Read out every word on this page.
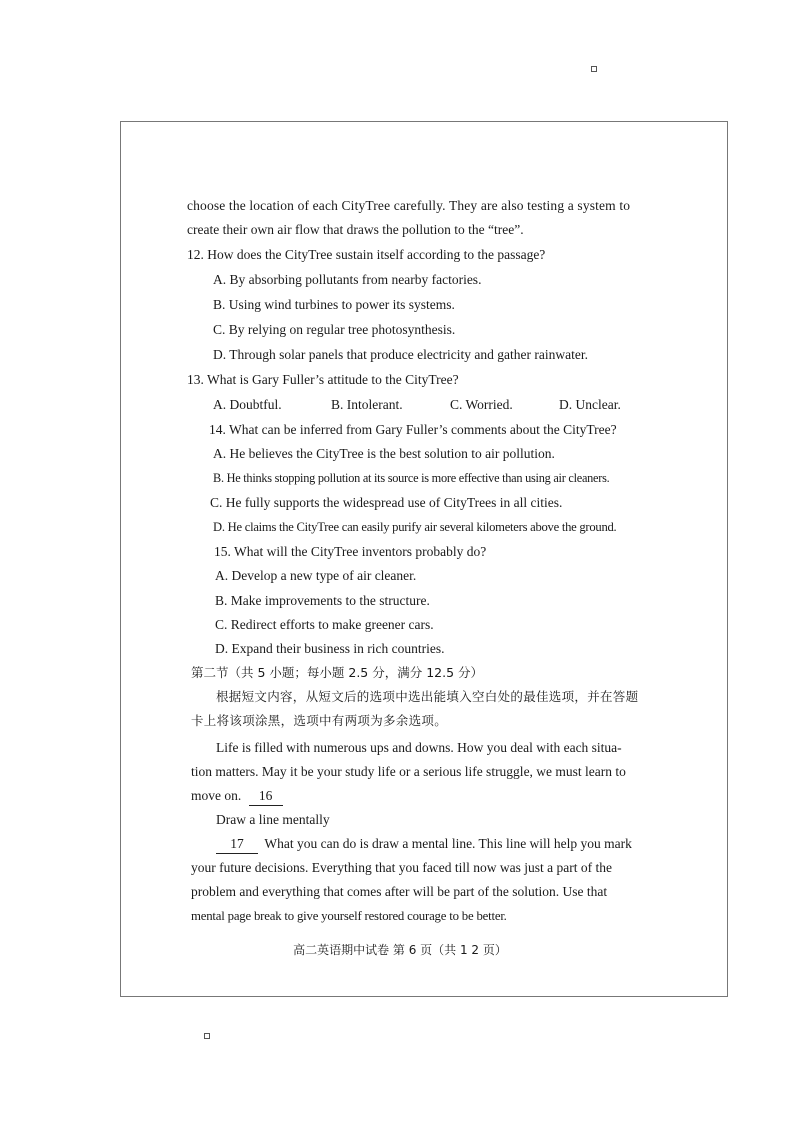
choose the location of each CityTree carefully. They are also testing a system to
create their own air flow that draws the pollution to the “tree”.
12. How does the CityTree sustain itself according to the passage?
A. By absorbing pollutants from nearby factories.
B. Using wind turbines to power its systems.
C. By relying on regular tree photosynthesis.
D. Through solar panels that produce electricity and gather rainwater.
13. What is Gary Fuller’s attitude to the CityTree?
A. Doubtful.	B. Intolerant.	C. Worried.	D. Unclear.
14. What can be inferred from Gary Fuller’s comments about the CityTree?
A. He believes the CityTree is the best solution to air pollution.
B. He thinks stopping pollution at its source is more effective than using air cleaners.
C. He fully supports the widespread use of CityTrees in all cities.
D. He claims the CityTree can easily purify air several kilometers above the ground.
15. What will the CityTree inventors probably do?
A. Develop a new type of air cleaner.
B. Make improvements to the structure.
C. Redirect efforts to make greener cars.
D. Expand their business in rich countries.
第二节（共 5 小题；每小题 2.5 分，满分 12.5 分）
根据短文内容，从短文后的选项中选出能填入空白处的最佳选项，并在答题
卡上将该项涂黑，选项中有两项为多余选项。
Life is filled with numerous ups and downs. How you deal with each situa-
tion matters. May it be your study life or a serious life struggle, we must learn to
move on. 16
Draw a line mentally
17 What you can do is draw a mental line. This line will help you mark
your future decisions. Everything that you faced till now was just a part of the
problem and everything that comes after will be part of the solution. Use that
mental page break to give yourself restored courage to be better.
高二英语期中试卷 第 6 页（共 1 2 页）
